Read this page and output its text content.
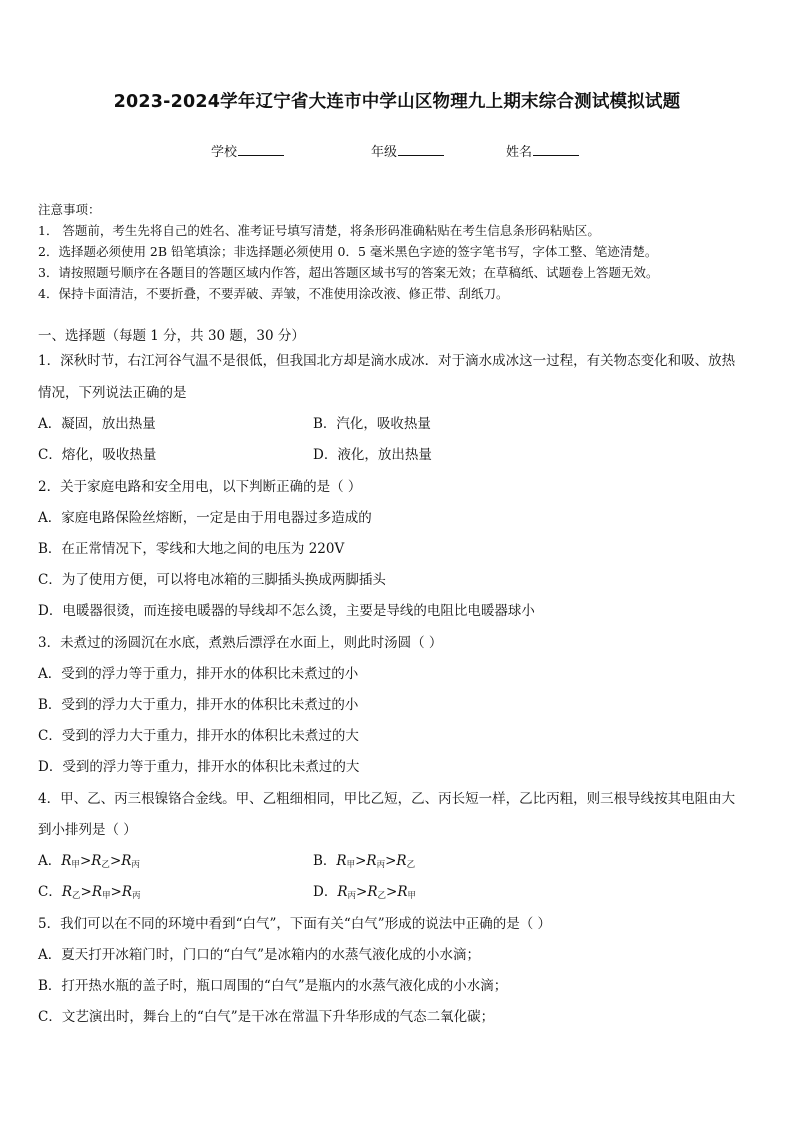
2023-2024学年辽宁省大连市中学山区物理九上期末综合测试模拟试题
学校	年级	姓名
注意事项：
1． 答题前，考生先将自己的姓名、准考证号填写清楚，将条形码准确粘贴在考生信息条形码粘贴区。
2．选择题必须使用 2B 铅笔填涂；非选择题必须使用 0．5 毫米黑色字迹的签字笔书写，字体工整、笔迹清楚。
3．请按照题号顺序在各题目的答题区域内作答，超出答题区域书写的答案无效；在草稿纸、试题卷上答题无效。
4．保持卡面清洁，不要折叠，不要弄破、弄皱，不准使用涂改液、修正带、刮纸刀。
一、选择题（每题 1 分，共 30 题，30 分）
1．深秋时节，右江河谷气温不是很低，但我国北方却是滴水成冰．对于滴水成冰这一过程，有关物态变化和吸、放热
情况，下列说法正确的是
A．凝固，放出热量	B．汽化，吸收热量
C．熔化，吸收热量	D．液化，放出热量
2．关于家庭电路和安全用电，以下判断正确的是（ ）
A．家庭电路保险丝熔断，一定是由于用电器过多造成的
B．在正常情况下，零线和大地之间的电压为 220V
C．为了使用方便，可以将电冰箱的三脚插头换成两脚插头
D．电暖器很烫，而连接电暖器的导线却不怎么烫，主要是导线的电阻比电暖器球小
3．未煮过的汤圆沉在水底，煮熟后漂浮在水面上，则此时汤圆（ ）
A．受到的浮力等于重力，排开水的体积比未煮过的小
B．受到的浮力大于重力，排开水的体积比未煮过的小
C．受到的浮力大于重力，排开水的体积比未煮过的大
D．受到的浮力等于重力，排开水的体积比未煮过的大
4．甲、乙、丙三根镍铬合金线。甲、乙粗细相同，甲比乙短，乙、丙长短一样，乙比丙粗，则三根导线按其电阻由大
到小排列是（ ）
A．R甲>R乙>R丙	B．R甲>R丙>R乙
C．R乙>R甲>R丙	D．R丙>R乙>R甲
5．我们可以在不同的环境中看到“白气”，下面有关“白气”形成的说法中正确的是（ ）
A．夏天打开冰箱门时，门口的“白气”是冰箱内的水蒸气液化成的小水滴；
B．打开热水瓶的盖子时，瓶口周围的“白气”是瓶内的水蒸气液化成的小水滴；
C．文艺演出时，舞台上的“白气”是干冰在常温下升华形成的气态二氧化碳；
